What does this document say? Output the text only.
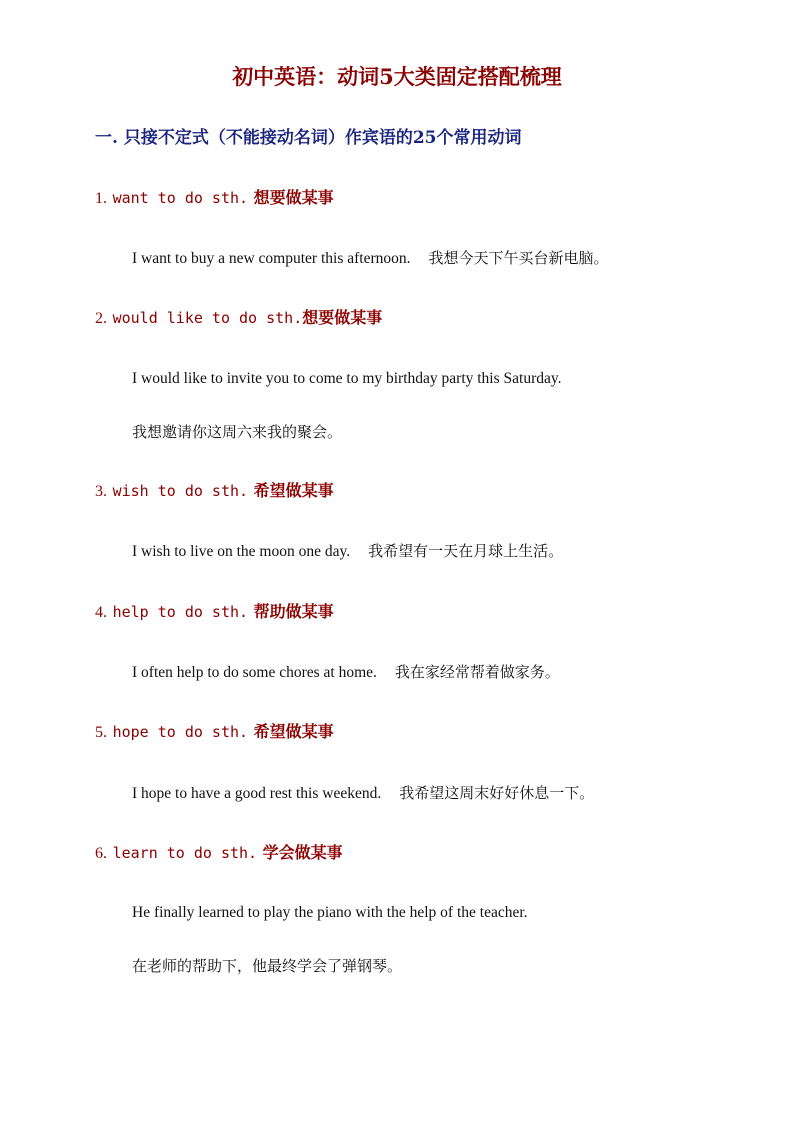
初中英语：动词5大类固定搭配梳理
一. 只接不定式（不能接动名词）作宾语的25个常用动词
1. want to do sth. 想要做某事
I want to buy a new computer this afternoon. 我想今天下午买台新电脑。
2. would like to do sth.想要做某事
I would like to invite you to come to my birthday party this Saturday.
我想邀请你这周六来我的聚会。
3. wish to do sth. 希望做某事
I wish to live on the moon one day. 我希望有一天在月球上生活。
4. help to do sth. 帮助做某事
I often help to do some chores at home. 我在家经常帮着做家务。
5. hope to do sth. 希望做某事
I hope to have a good rest this weekend. 我希望这周末好好休息一下。
6. learn to do sth. 学会做某事
He finally learned to play the piano with the help of the teacher.
在老师的帮助下，他最终学会了弹钢琴。
